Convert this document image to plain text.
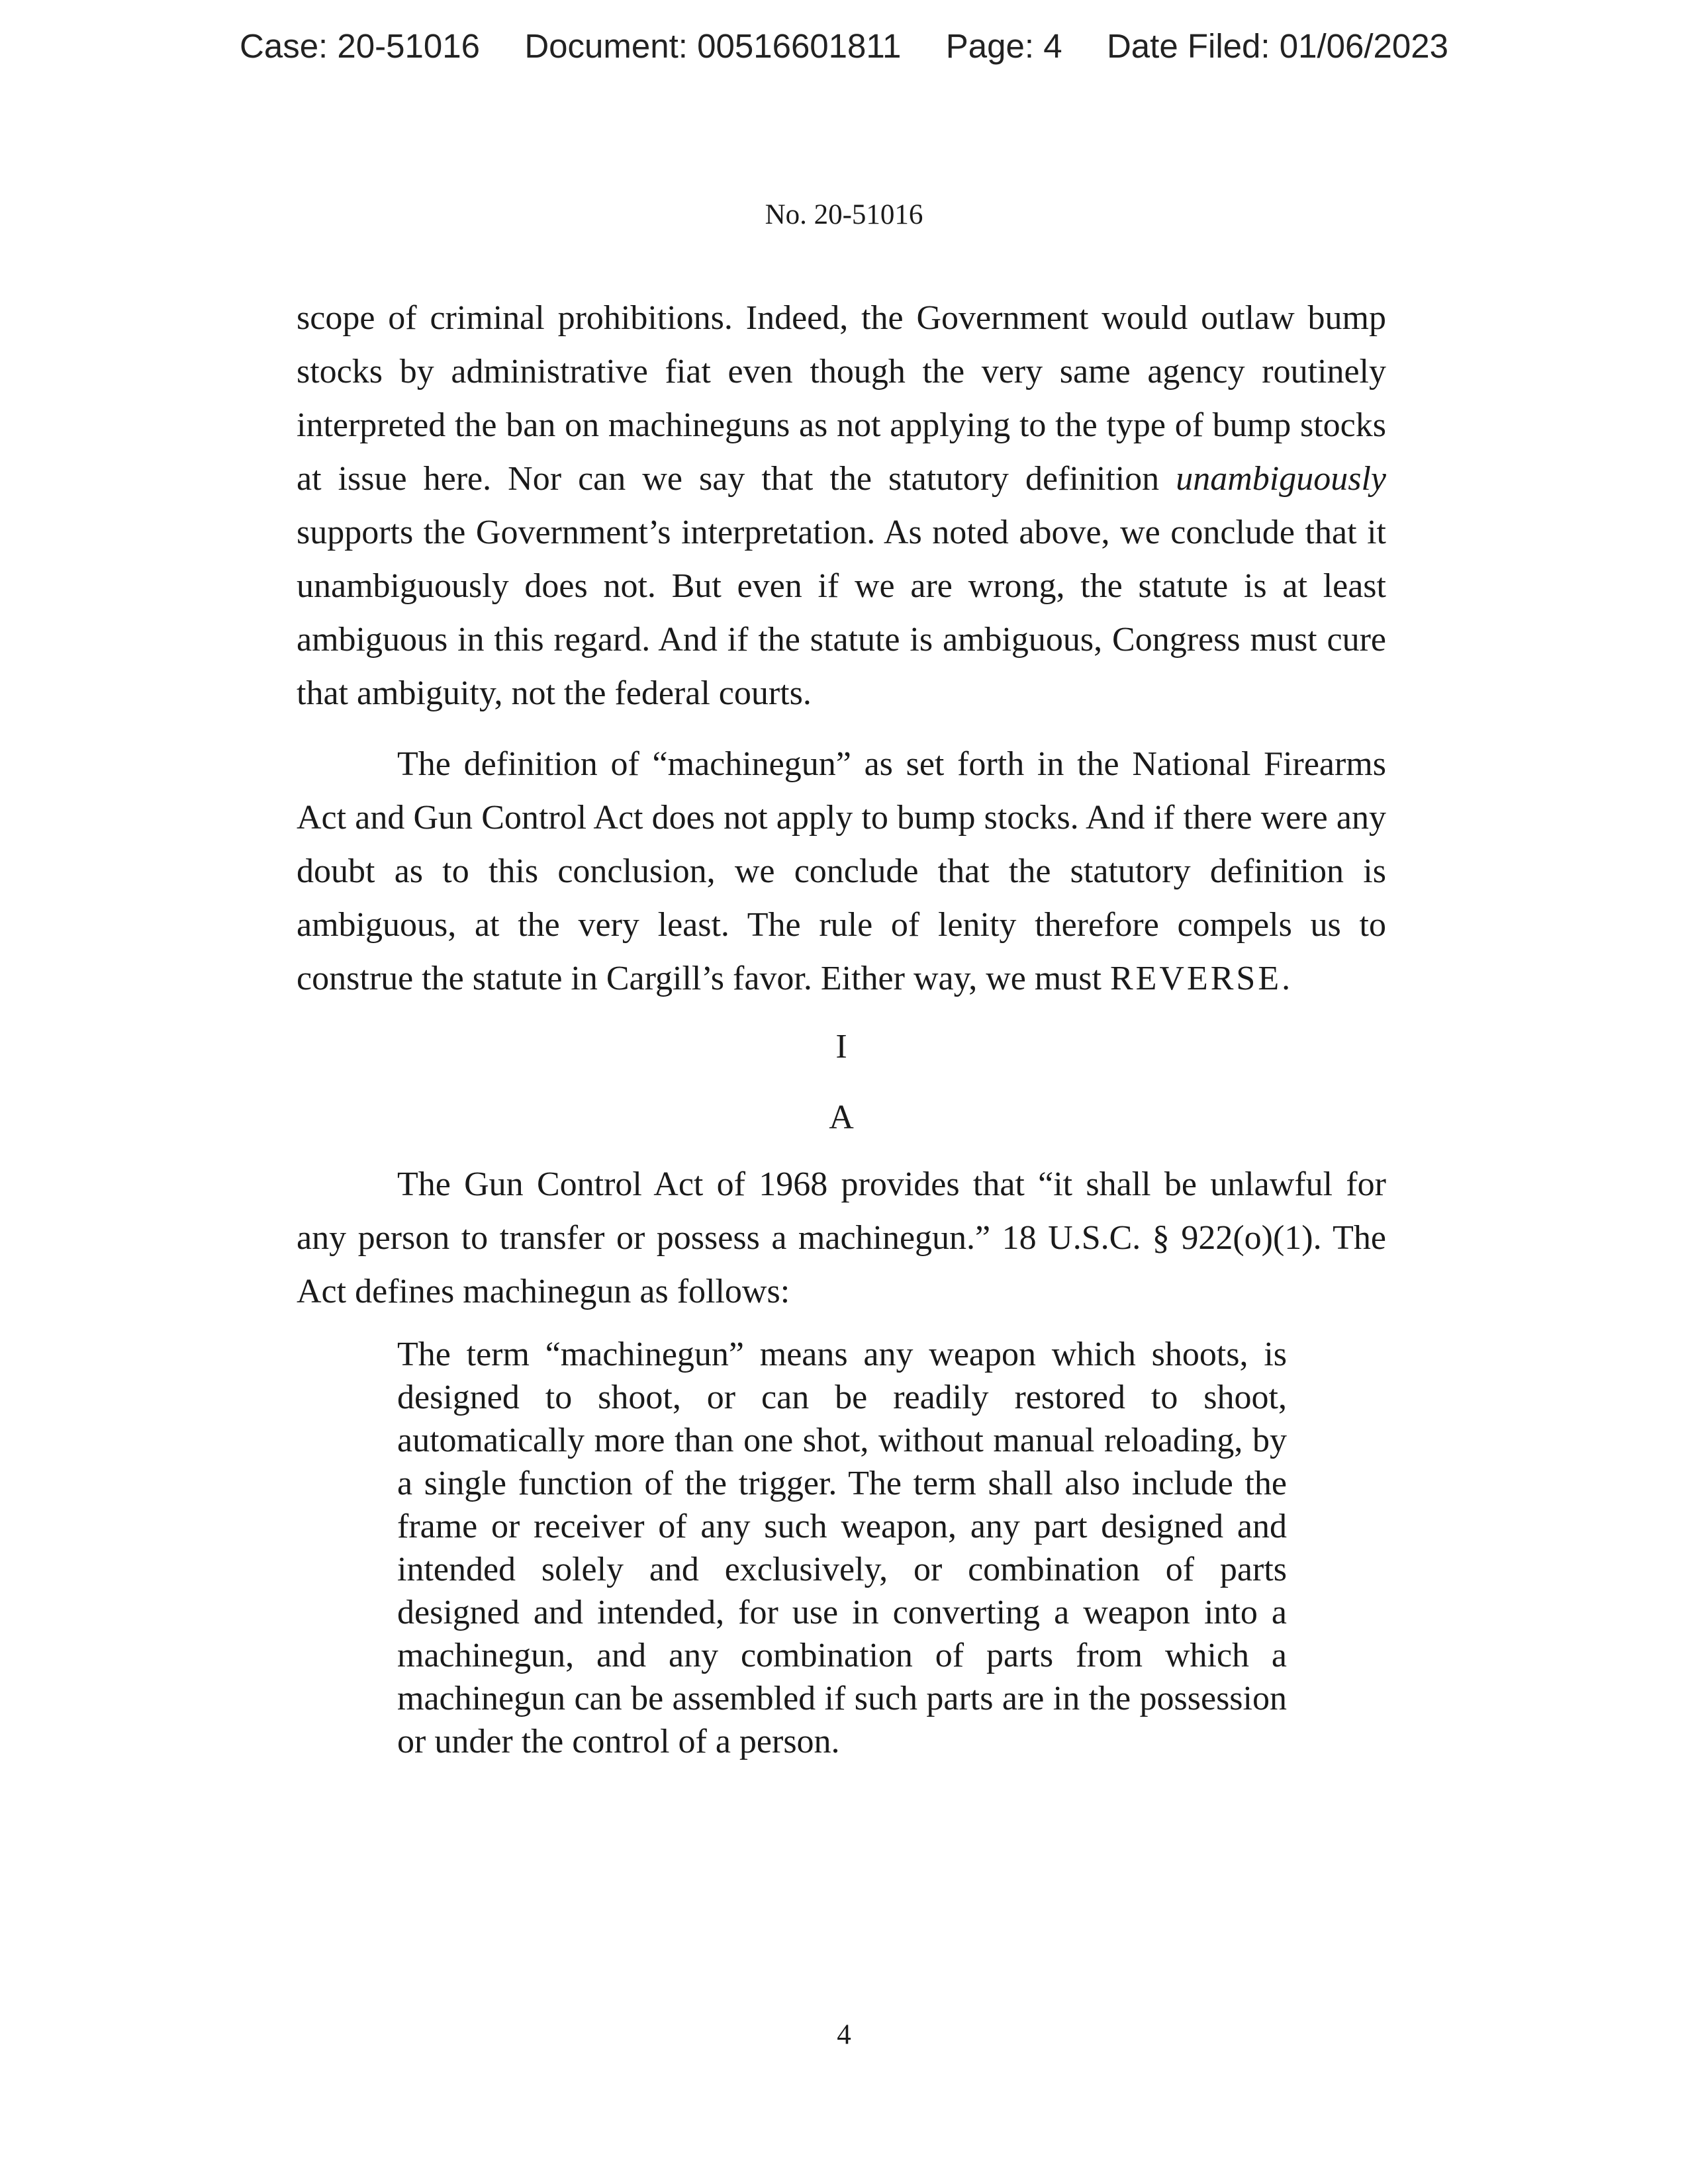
Case: 20-51016 Document: 00516601811 Page: 4 Date Filed: 01/06/2023
No. 20-51016

scope of criminal prohibitions. Indeed, the Government would outlaw bump stocks by administrative fiat even though the very same agency routinely interpreted the ban on machineguns as not applying to the type of bump stocks at issue here. Nor can we say that the statutory definition unambiguously supports the Government’s interpretation. As noted above, we conclude that it unambiguously does not. But even if we are wrong, the statute is at least ambiguous in this regard. And if the statute is ambiguous, Congress must cure that ambiguity, not the federal courts.

The definition of “machinegun” as set forth in the National Firearms Act and Gun Control Act does not apply to bump stocks. And if there were any doubt as to this conclusion, we conclude that the statutory definition is ambiguous, at the very least. The rule of lenity therefore compels us to construe the statute in Cargill’s favor. Either way, we must REVERSE.

I

A

The Gun Control Act of 1968 provides that “it shall be unlawful for any person to transfer or possess a machinegun.” 18 U.S.C. § 922(o)(1). The Act defines machinegun as follows:

The term “machinegun” means any weapon which shoots, is designed to shoot, or can be readily restored to shoot, automatically more than one shot, without manual reloading, by a single function of the trigger. The term shall also include the frame or receiver of any such weapon, any part designed and intended solely and exclusively, or combination of parts designed and intended, for use in converting a weapon into a machinegun, and any combination of parts from which a machinegun can be assembled if such parts are in the possession or under the control of a person.

4
